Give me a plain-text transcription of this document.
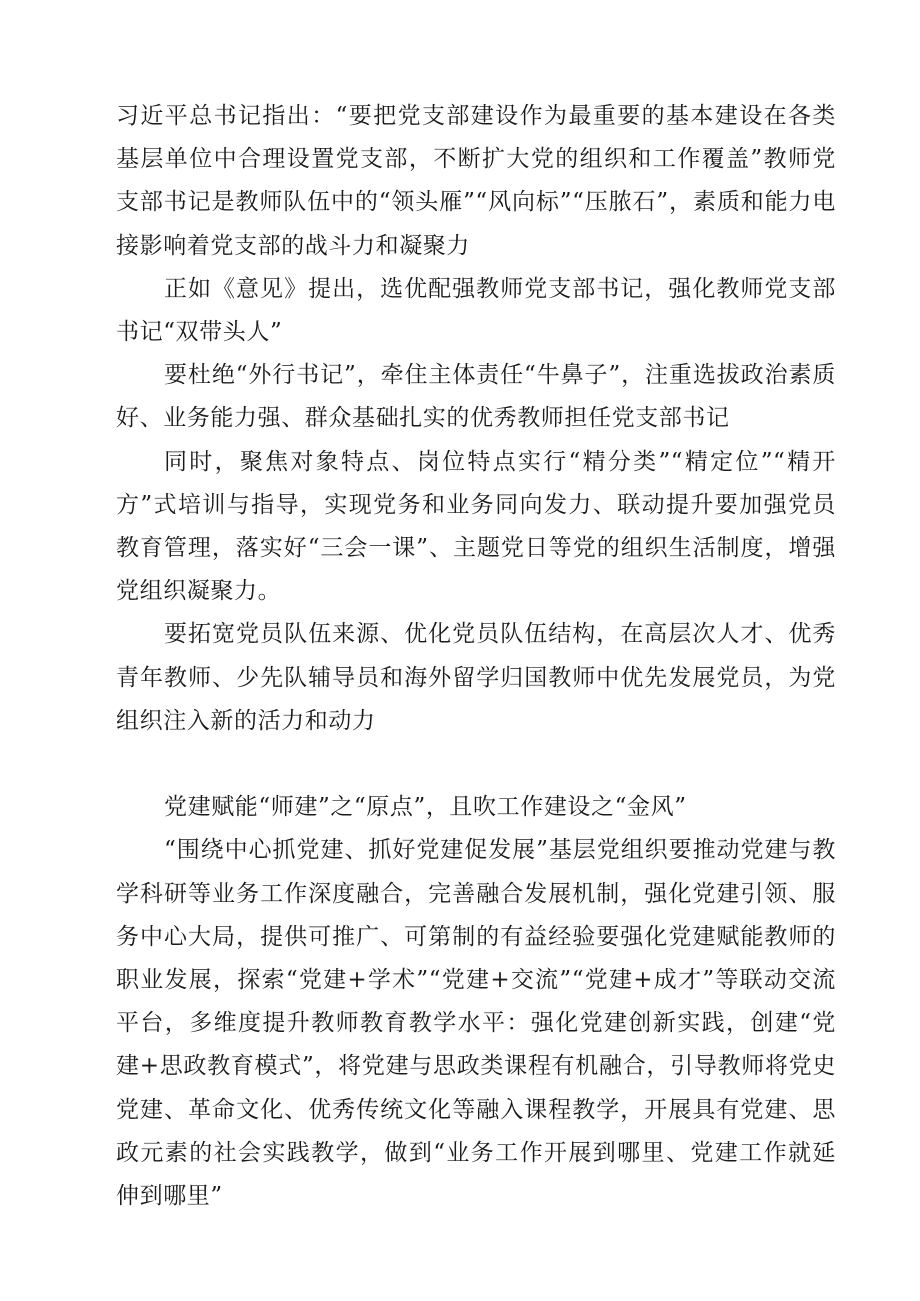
习近平总书记指出：“要把党支部建设作为最重要的基本建设在各类基层单位中合理设置党支部，不断扩大党的组织和工作覆盖”教师党支部书记是教师队伍中的“领头雁”“风向标”“压脓石”，素质和能力电接影响着党支部的战斗力和凝聚力

正如《意见》提出，选优配强教师党支部书记，强化教师党支部书记“双带头人”

要杜绝“外行书记”，牵住主体责任“牛鼻子”，注重选拔政治素质好、业务能力强、群众基础扎实的优秀教师担任党支部书记

同时，聚焦对象特点、岗位特点实行“精分类”“精定位”“精开方”式培训与指导，实现党务和业务同向发力、联动提升要加强党员教育管理，落实好“三会一课”、主题党日等党的组织生活制度，增强党组织凝聚力。

要拓宽党员队伍来源、优化党员队伍结构，在高层次人才、优秀青年教师、少先队辅导员和海外留学归国教师中优先发展党员，为党组织注入新的活力和动力

党建赋能“师建”之“原点”，且吹工作建设之“金风”

“围绕中心抓党建、抓好党建促发展”基层党组织要推动党建与教学科研等业务工作深度融合，完善融合发展机制，强化党建引领、服务中心大局，提供可推广、可第制的有益经验要强化党建赋能教师的职业发展，探索“党建+学术”“党建+交流”“党建+成才”等联动交流平台，多维度提升教师教育教学水平：强化党建创新实践，创建“党建+思政教育模式”，将党建与思政类课程有机融合，引导教师将党史党建、革命文化、优秀传统文化等融入课程教学，开展具有党建、思政元素的社会实践教学，做到“业务工作开展到哪里、党建工作就延伸到哪里”
